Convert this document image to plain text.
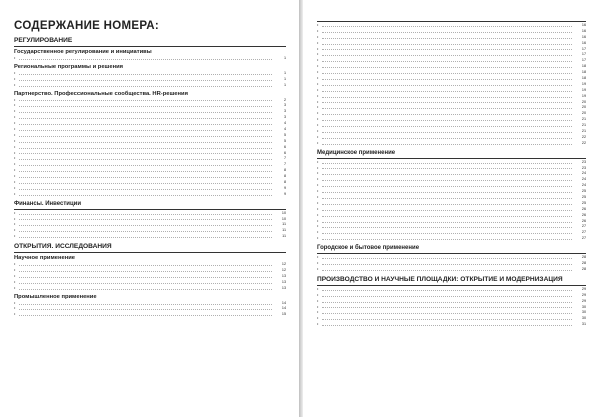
СОДЕРЖАНИЕ НОМЕРА:
РЕГУЛИРОВАНИЕ
Государственное регулирование и инициативы
•	1
Региональные программы и решения
•	1
•	1
•	1
Партнерство. Профессиональные сообщества. HR-решения
•	2
•	3
•	3
•	3
•	4
•	4
•	5
•	5
•	6
•	6
•	7
•	7
•	8
•	8
•	8
•	9
•	9
Финансы. Инвестиции
•	10
•	10
•	11
•	11
•	11
ОТКРЫТИЯ. ИССЛЕДОВАНИЯ
Научное применение
•	12
•	12
•	13
•	13
•	13
Промышленное применение
•	14
•	14
•	15
•	16
•	16
•	16
•	16
•	17
•	17
•	17
•	18
•	18
•	18
•	19
•	19
•	19
•	20
•	20
•	20
•	21
•	21
•	21
•	22
•	22
Медицинское применение
•	23
•	23
•	24
•	24
•	24
•	25
•	25
•	25
•	26
•	26
•	26
•	27
•	27
•	27
Городское и бытовое применение
•	28
•	28
•	28
ПРОИЗВОДСТВО И НАУЧНЫЕ ПЛОЩАДКИ: ОТКРЫТИЕ И МОДЕРНИЗАЦИЯ
•	29
•	29
•	29
•	30
•	30
•	30
•	31
